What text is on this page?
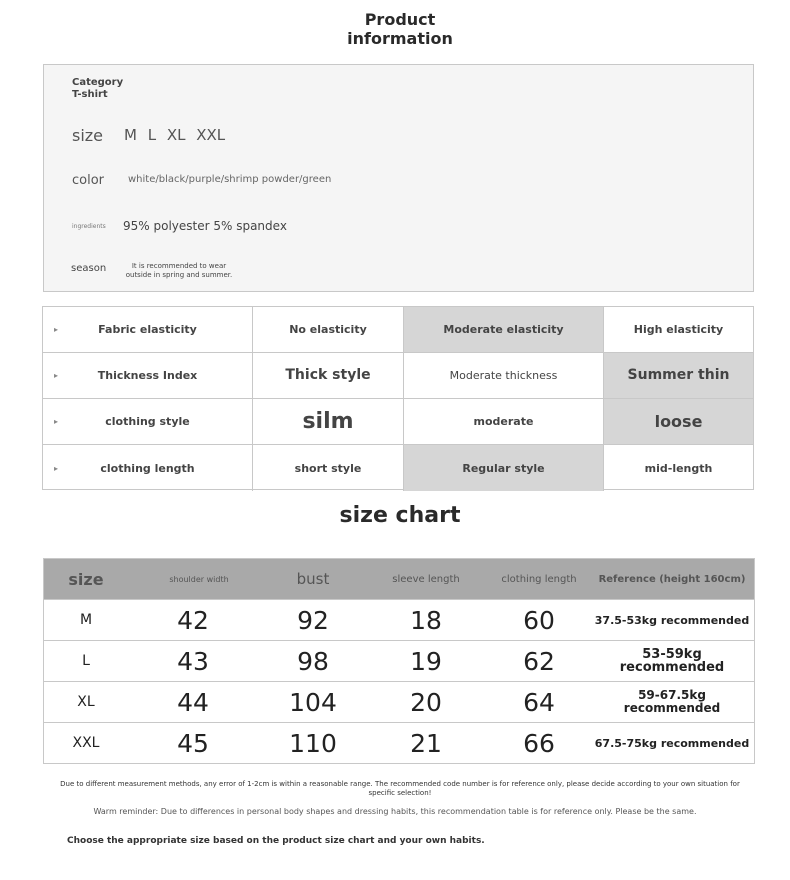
Product
information
Category
T-shirt
size M L XL XXL
color white/black/purple/shrimp powder/green
ingredients 95% polyester 5% spandex
season	It is recommended to wear outside in spring and summer.
▸	Fabric elasticity	No elasticity	Moderate elasticity	High elasticity
▸	Thickness Index	Thick style	Moderate thickness	Summer thin
▸	clothing style	silm	moderate	loose
▸	clothing length	short style	Regular style	mid-length
size chart
size	shoulder width	bust	sleeve length	clothing length	Reference (height 160cm)
M	42	92	18	60	37.5-53kg recommended
L	43	98	19	62	53-59kg recommended
XL	44	104	20	64	59-67.5kg recommended
XXL	45	110	21	66	67.5-75kg recommended
Due to different measurement methods, any error of 1-2cm is within a reasonable range. The recommended code number is for reference only, please decide according to your own situation for specific selection!
Warm reminder: Due to differences in personal body shapes and dressing habits, this recommendation table is for reference only. Please be the same.
Choose the appropriate size based on the product size chart and your own habits.
